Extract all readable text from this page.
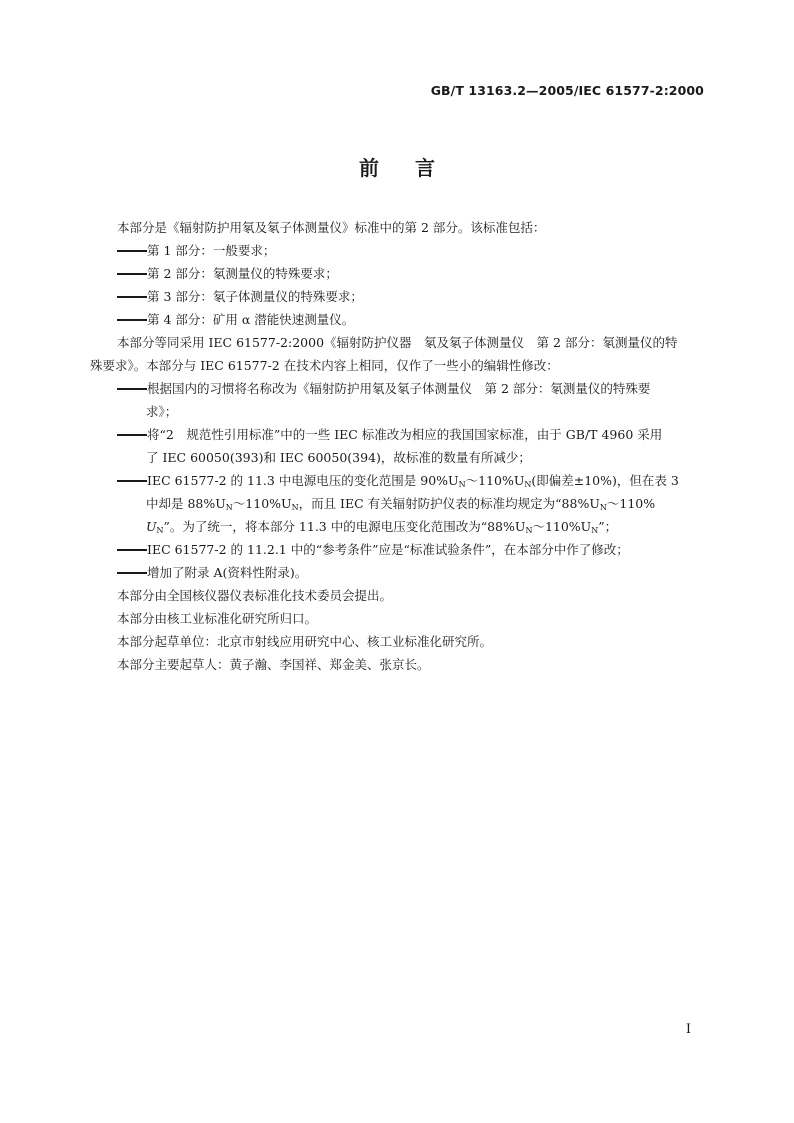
GB/T 13163.2—2005/IEC 61577-2:2000
前言
本部分是《辐射防护用氡及氡子体测量仪》标准中的第 2 部分。该标准包括：
第 1 部分：一般要求；
第 2 部分：氡测量仪的特殊要求；
第 3 部分：氡子体测量仪的特殊要求；
第 4 部分：矿用 α 潜能快速测量仪。
本部分等同采用 IEC 61577-2:2000《辐射防护仪器　氡及氡子体测量仪　第 2 部分：氡测量仪的特
殊要求》。本部分与 IEC 61577-2 在技术内容上相同，仅作了一些小的编辑性修改：
根据国内的习惯将名称改为《辐射防护用氡及氡子体测量仪　第 2 部分：氡测量仪的特殊要
求》；
将“2　规范性引用标准”中的一些 IEC 标准改为相应的我国国家标准，由于 GB/T 4960 采用
了 IEC 60050(393)和 IEC 60050(394)，故标准的数量有所减少；
IEC 61577-2 的 11.3 中电源电压的变化范围是 $90\%U_N\sim 110\%U_N$(即偏差±10%)，但在表 3
中却是 $88\%U_N\sim 110\%U_N$，而且 IEC 有关辐射防护仪表的标准均规定为“$88\%U_N\sim 110\%$
$U_N$”。为了统一，将本部分 11.3 中的电源电压变化范围改为“$88\%U_N\sim 110\%U_N$”；
IEC 61577-2 的 11.2.1 中的“参考条件”应是“标准试验条件”，在本部分中作了修改；
增加了附录 A(资料性附录)。
本部分由全国核仪器仪表标准化技术委员会提出。
本部分由核工业标准化研究所归口。
本部分起草单位：北京市射线应用研究中心、核工业标准化研究所。
本部分主要起草人：黄子瀚、李国祥、郑金美、张京长。
I
